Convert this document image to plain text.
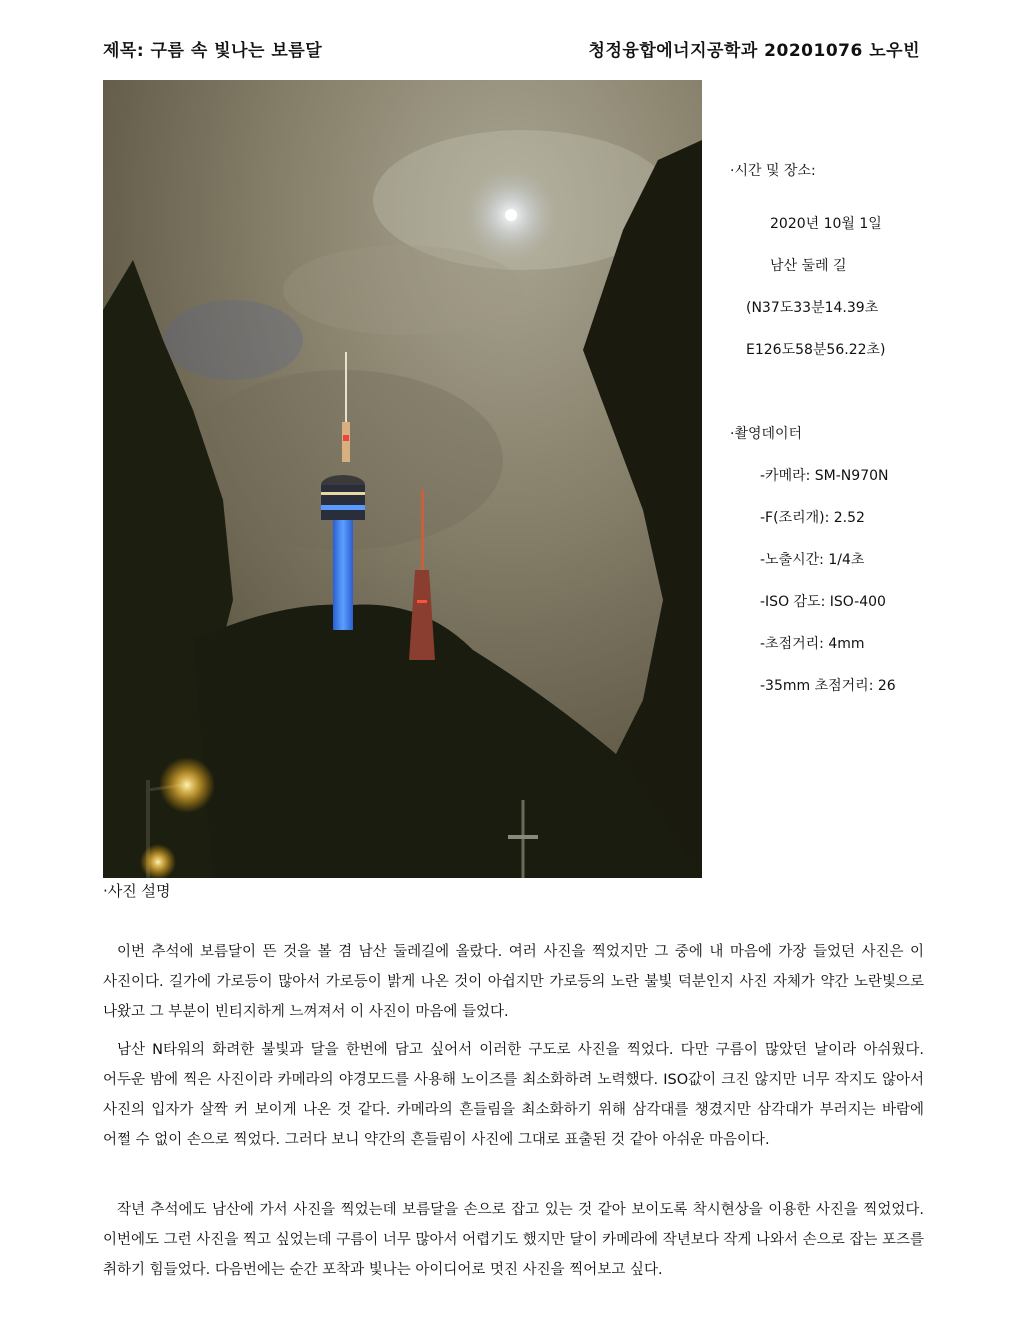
제목: 구름 속 빛나는 보름달	청정융합에너지공학과 20201076 노우빈
·시간 및 장소:
2020년 10월 1일
남산 둘레 길
(N37도33분14.39초
E126도58분56.22초)
·촬영데이터
-카메라: SM-N970N
-F(조리개): 2.52
-노출시간: 1/4초
-ISO 감도: ISO-400
-초점거리: 4mm
-35mm 초점거리: 26
·사진 설명

이번 추석에 보름달이 뜬 것을 볼 겸 남산 둘레길에 올랐다. 여러 사진을 찍었지만 그 중에 내 마음에 가장 들었던 사진은 이 사진이다. 길가에 가로등이 많아서 가로등이 밝게 나온 것이 아쉽지만 가로등의 노란 불빛 덕분인지 사진 자체가 약간 노란빛으로 나왔고 그 부분이 빈티지하게 느껴져서 이 사진이 마음에 들었다.

남산 N타워의 화려한 불빛과 달을 한번에 담고 싶어서 이러한 구도로 사진을 찍었다. 다만 구름이 많았던 날이라 아쉬웠다. 어두운 밤에 찍은 사진이라 카메라의 야경모드를 사용해 노이즈를 최소화하려 노력했다. ISO값이 크진 않지만 너무 작지도 않아서 사진의 입자가 살짝 커 보이게 나온 것 같다. 카메라의 흔들림을 최소화하기 위해 삼각대를 챙겼지만 삼각대가 부러지는 바람에 어쩔 수 없이 손으로 찍었다. 그러다 보니 약간의 흔들림이 사진에 그대로 표출된 것 같아 아쉬운 마음이다.

작년 추석에도 남산에 가서 사진을 찍었는데 보름달을 손으로 잡고 있는 것 같아 보이도록 착시현상을 이용한 사진을 찍었었다. 이번에도 그런 사진을 찍고 싶었는데 구름이 너무 많아서 어렵기도 했지만 달이 카메라에 작년보다 작게 나와서 손으로 잡는 포즈를 취하기 힘들었다. 다음번에는 순간 포착과 빛나는 아이디어로 멋진 사진을 찍어보고 싶다.
